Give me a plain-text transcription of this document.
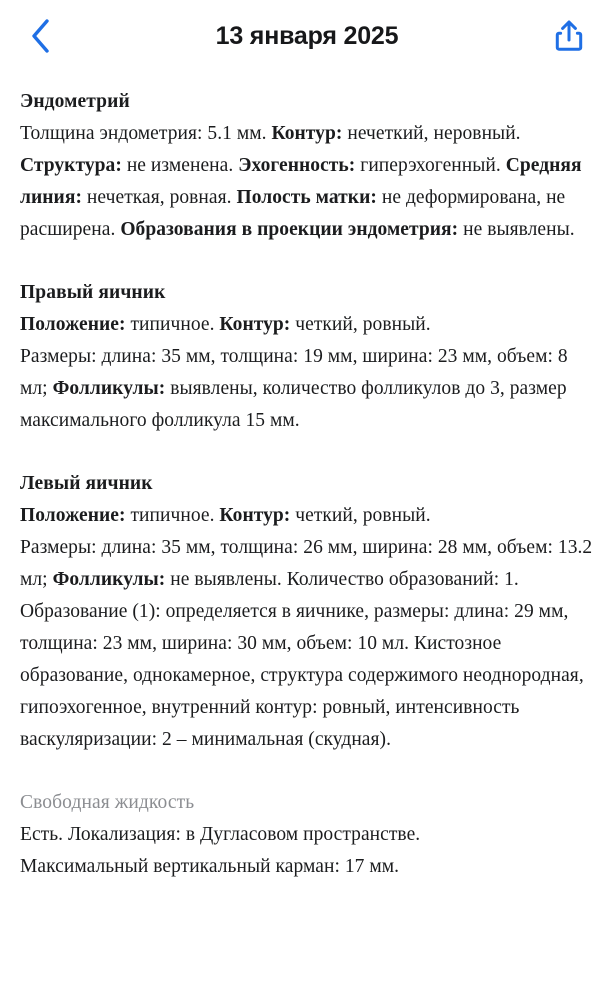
13 января 2025
Эндометрий

Толщина эндометрия: 5.1 мм. Контур: нечеткий, неровный. Структура: не изменена. Эхогенность: гиперэхогенный. Средняя линия: нечеткая, ровная. Полость матки: не деформирована, не расширена. Образования в проекции эндометрия: не выявлены.

Правый яичник

Положение: типичное. Контур: четкий, ровный.

Размеры: длина: 35 мм, толщина: 19 мм, ширина: 23 мм, объем: 8 мл; Фолликулы: выявлены, количество фолликулов до 3, размер максимального фолликула 15 мм.

Левый яичник

Положение: типичное. Контур: четкий, ровный.

Размеры: длина: 35 мм, толщина: 26 мм, ширина: 28 мм, объем: 13.2 мл; Фолликулы: не выявлены. Количество образований: 1. Образование (1): определяется в яичнике, размеры: длина: 29 мм, толщина: 23 мм, ширина: 30 мм, объем: 10 мл. Кистозное образование, однокамерное, структура содержимого неоднородная, гипоэхогенное, внутренний контур: ровный, интенсивность васкуляризации: 2 – минимальная (скудная).

Свободная жидкость

Есть. Локализация: в Дугласовом пространстве.

Максимальный вертикальный карман: 17 мм.
